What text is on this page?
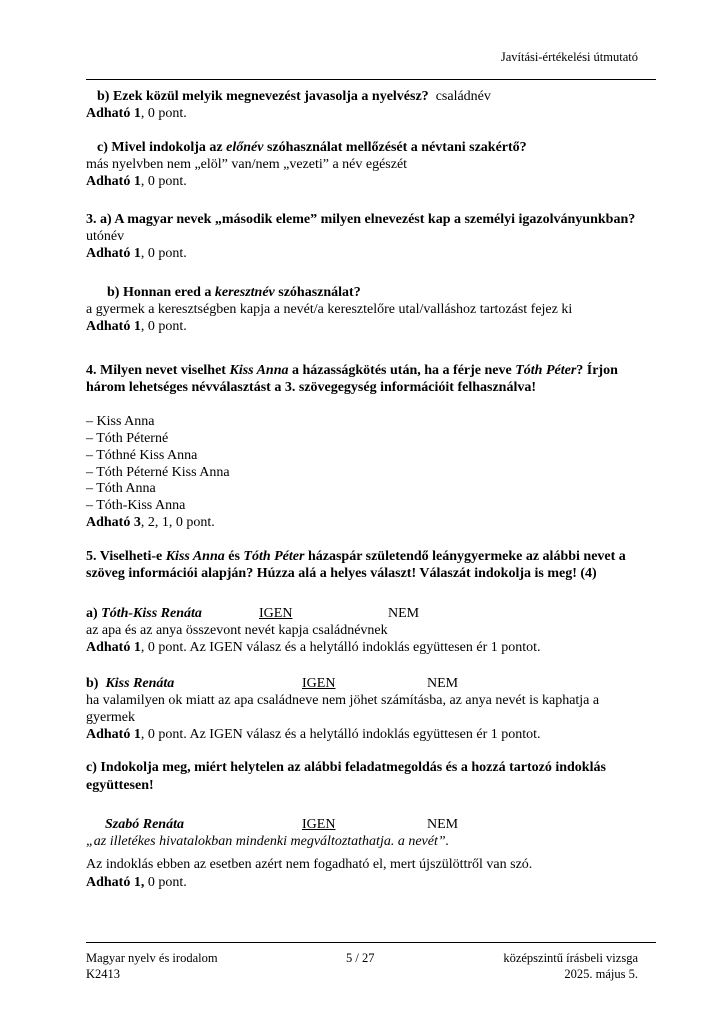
Javítási-értékelési útmutató
b) Ezek közül melyik megnevezést javasolja a nyelvész? családnév
Adható 1, 0 pont.
c) Mivel indokolja az előnév szóhasználat mellőzését a névtani szakértő?
más nyelvben nem „elöl” van/nem „vezeti” a név egészét
Adható 1, 0 pont.
3. a) A magyar nevek „második eleme” milyen elnevezést kap a személyi igazolványunkban?
utónév
Adható 1, 0 pont.
b) Honnan ered a keresztnév szóhasználat?
a gyermek a keresztségben kapja a nevét/a keresztelőre utal/valláshoz tartozást fejez ki
Adható 1, 0 pont.
4. Milyen nevet viselhet Kiss Anna a házasságkötés után, ha a férje neve Tóth Péter? Írjon
három lehetséges névválasztást a 3. szövegegység információit felhasználva!
– Kiss Anna
– Tóth Péterné
– Tóthné Kiss Anna
– Tóth Péterné Kiss Anna
– Tóth Anna
– Tóth-Kiss Anna
Adható 3, 2, 1, 0 pont.
5. Viselheti-e Kiss Anna és Tóth Péter házaspár születendő leánygyermeke az alábbi nevet a
szöveg információi alapján? Húzza alá a helyes választ! Válaszát indokolja is meg! (4)
a) Tóth-Kiss Renáta	IGEN	NEM
az apa és az anya összevont nevét kapja családnévnek
Adható 1, 0 pont. Az IGEN válasz és a helytálló indoklás együttesen ér 1 pontot.
b) Kiss Renáta	IGEN	NEM
ha valamilyen ok miatt az apa családneve nem jöhet számításba, az anya nevét is kaphatja a
gyermek
Adható 1, 0 pont. Az IGEN válasz és a helytálló indoklás együttesen ér 1 pontot.
c) Indokolja meg, miért helytelen az alábbi feladatmegoldás és a hozzá tartozó indoklás
együttesen!
Szabó Renáta	IGEN	NEM
„az illetékes hivatalokban mindenki megváltoztathatja. a nevét”.
Az indoklás ebben az esetben azért nem fogadható el, mert újszülöttről van szó.
Adható 1, 0 pont.
Magyar nyelv és irodalom
K2413
5 / 27	középszintű írásbeli vizsga
2025. május 5.
